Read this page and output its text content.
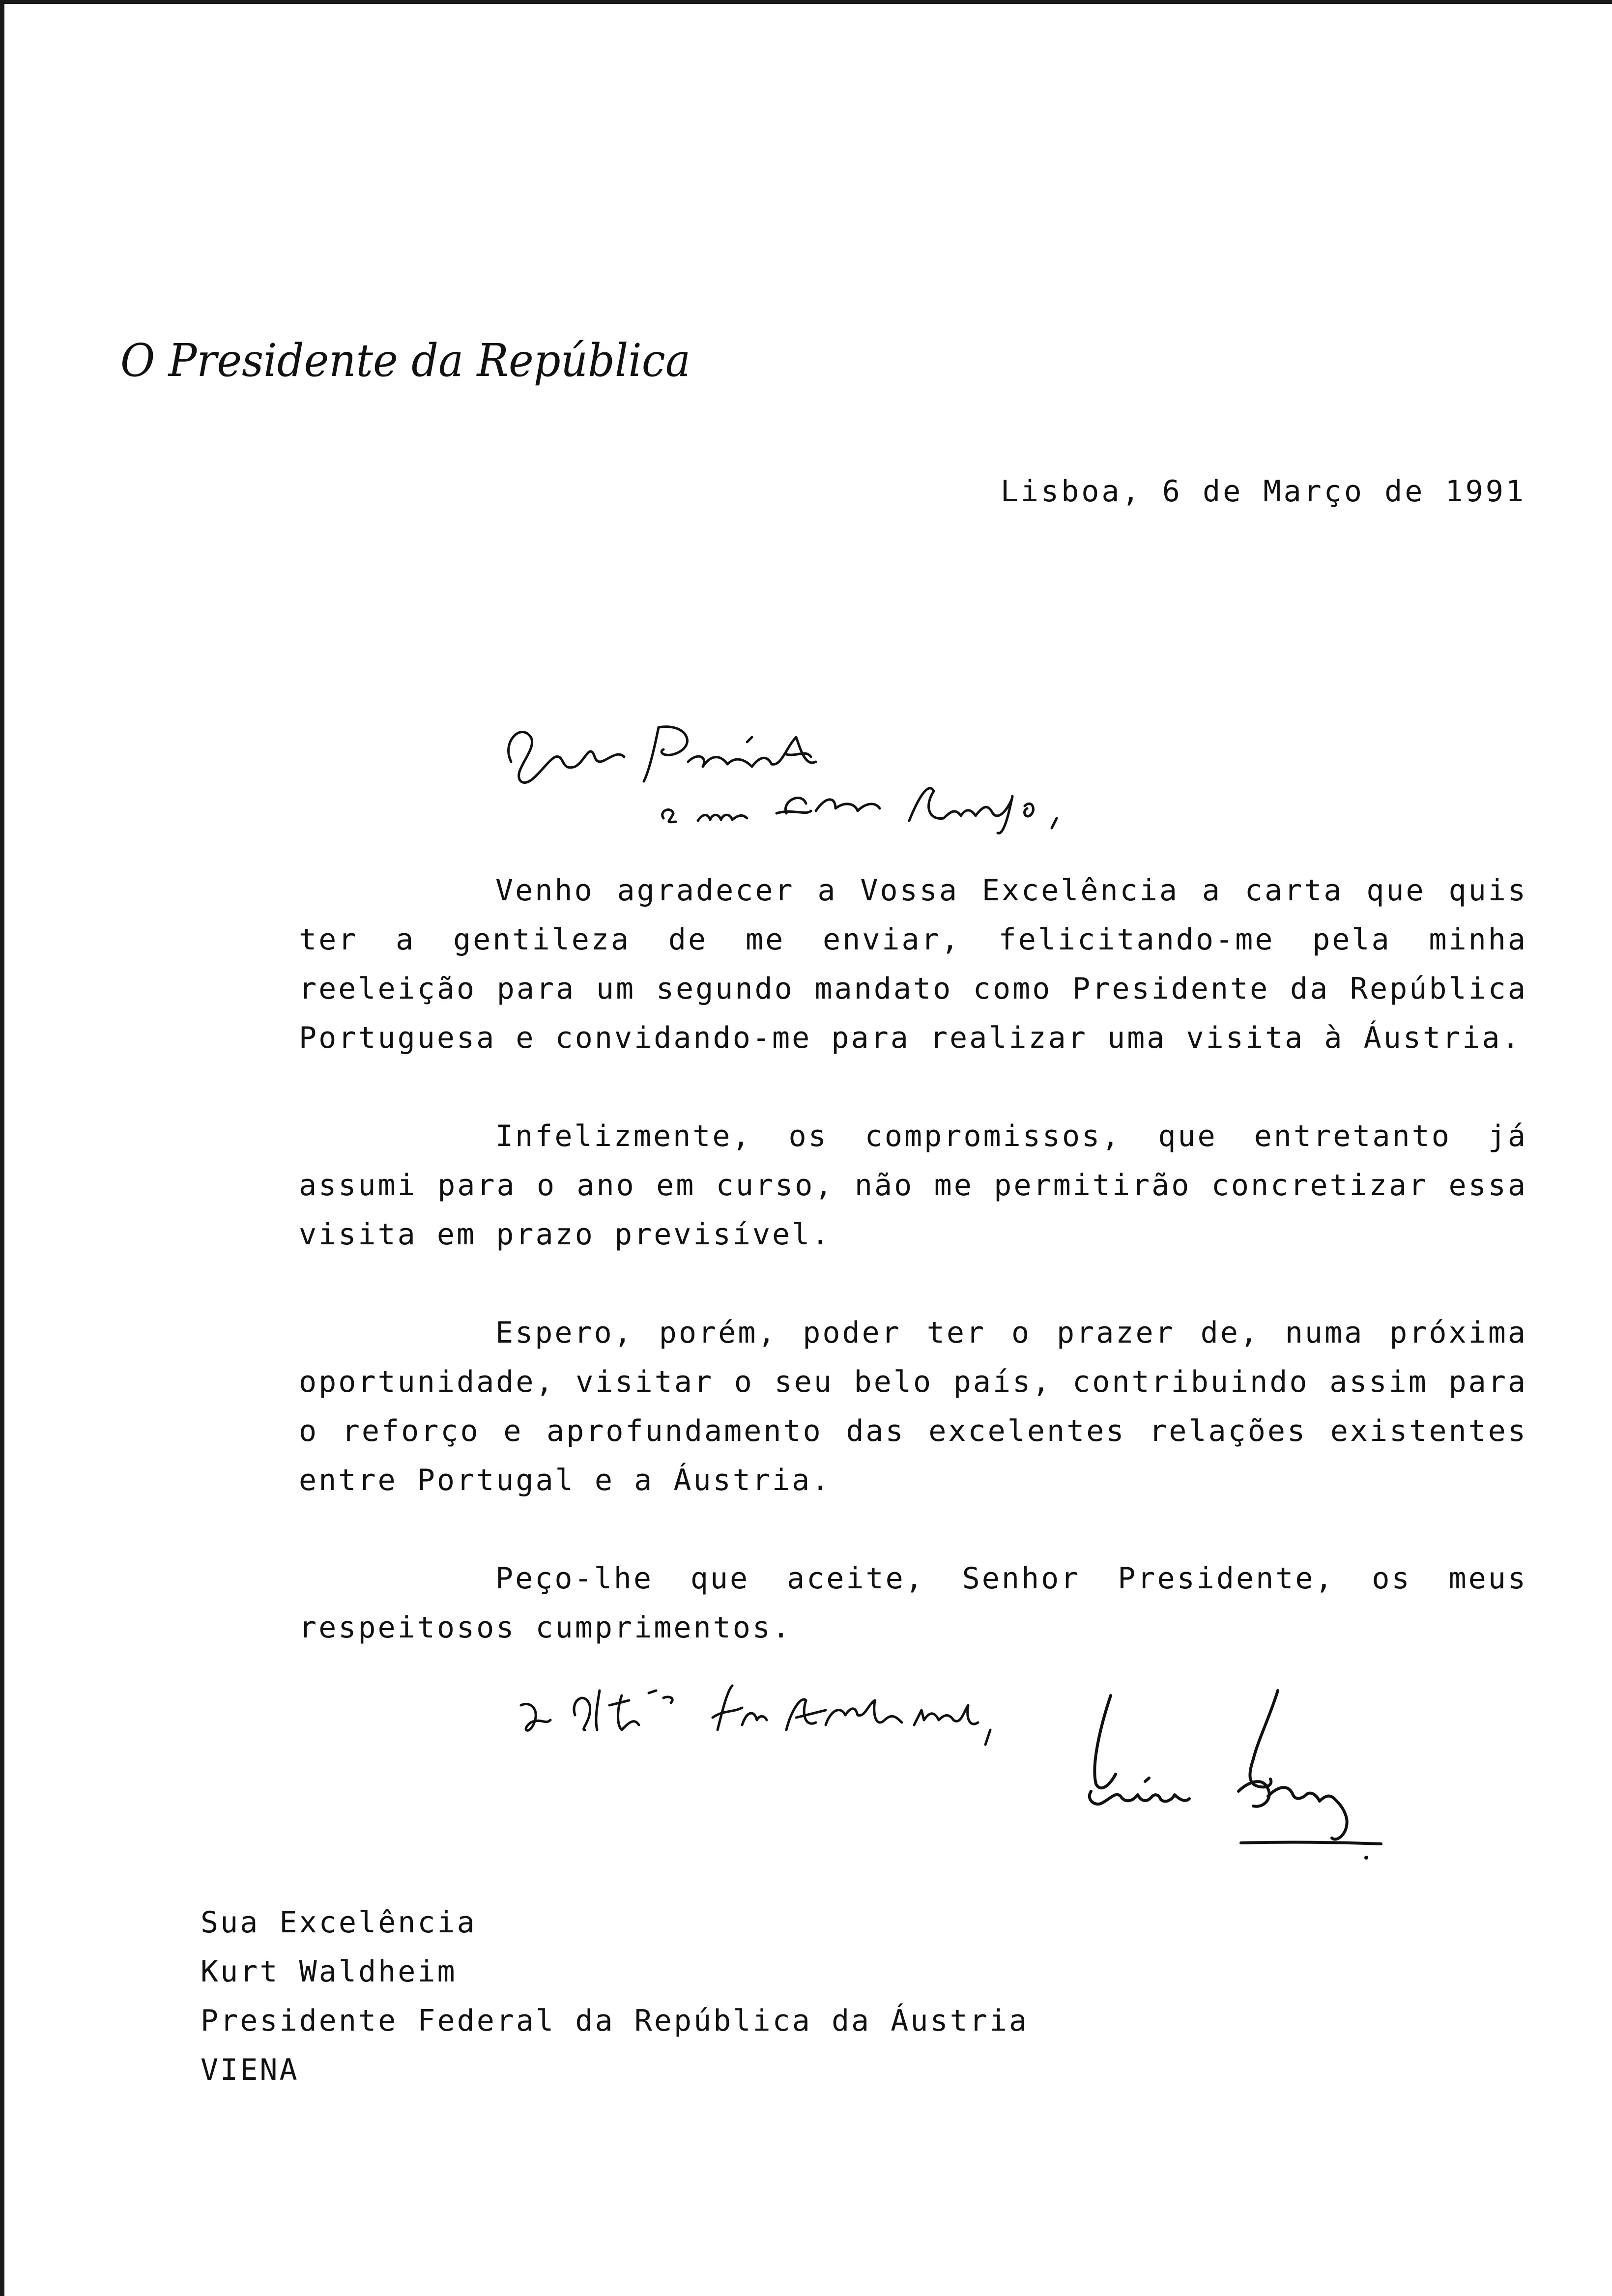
O Presidente da República
Lisboa, 6 de Março de 1991

Venho agradecer a Vossa Excelência a carta que quis ter a gentileza de me enviar, felicitando-me pela minha reeleição para um segundo mandato como Presidente da República Portuguesa e convidando-me para realizar uma visita à Áustria.

Infelizmente, os compromissos, que entretanto já assumi para o ano em curso, não me permitirão concretizar essa visita em prazo previsível.

Espero, porém, poder ter o prazer de, numa próxima oportunidade, visitar o seu belo país, contribuindo assim para o reforço e aprofundamento das excelentes relações existentes entre Portugal e a Áustria.

Peço-lhe que aceite, Senhor Presidente, os meus respeitosos cumprimentos.

Sua Excelência
Kurt Waldheim
Presidente Federal da República da Áustria
VIENA
